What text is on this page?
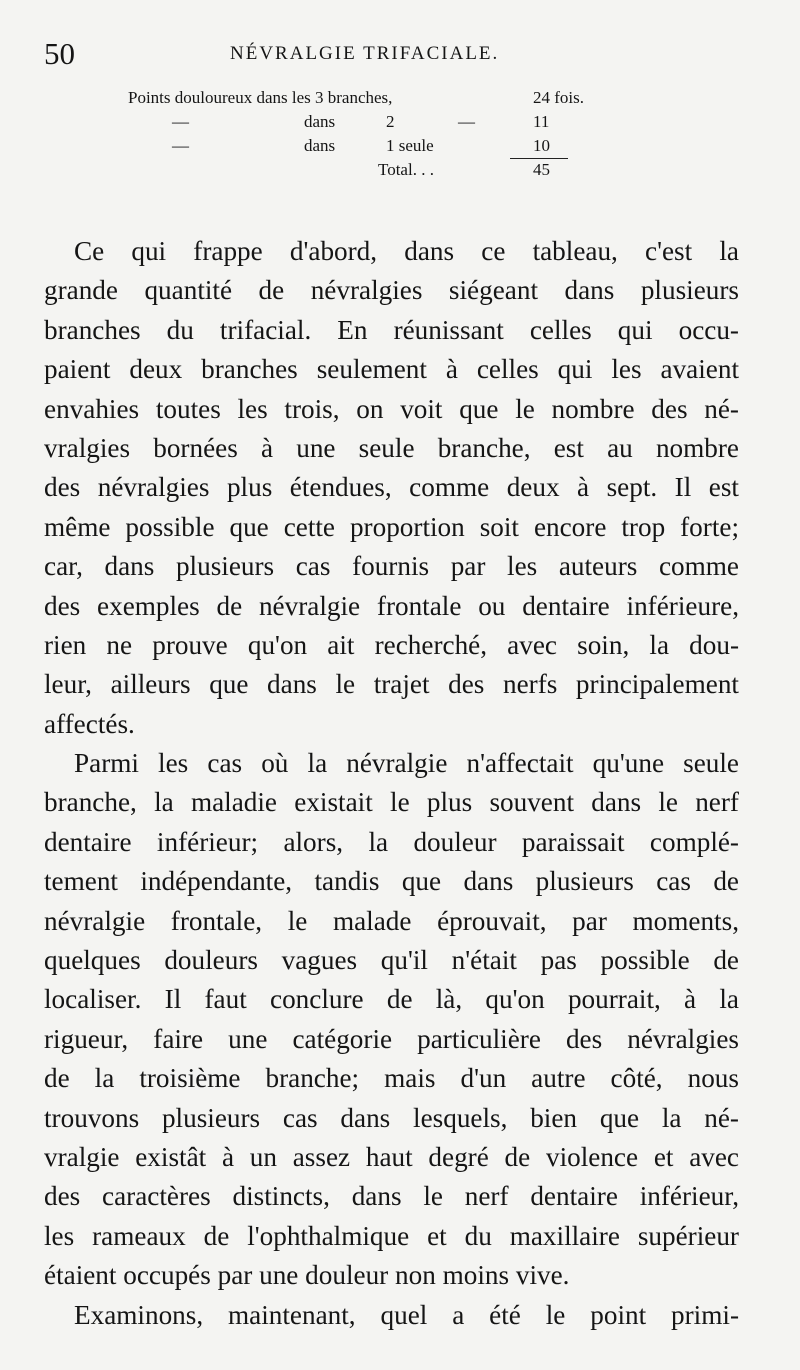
50	NÉVRALGIE TRIFACIALE.
Points douloureux dans les 3 branches,	24 fois.
—	dans	2	—	11
—	dans	1 seule	10
Total. . .	45
Ce qui frappe d'abord, dans ce tableau, c'est la
grande quantité de névralgies siégeant dans plusieurs
branches du trifacial. En réunissant celles qui occu-
paient deux branches seulement à celles qui les avaient
envahies toutes les trois, on voit que le nombre des né-
vralgies bornées à une seule branche, est au nombre
des névralgies plus étendues, comme deux à sept. Il est
même possible que cette proportion soit encore trop forte;
car, dans plusieurs cas fournis par les auteurs comme
des exemples de névralgie frontale ou dentaire inférieure,
rien ne prouve qu'on ait recherché, avec soin, la dou-
leur, ailleurs que dans le trajet des nerfs principalement
affectés.
Parmi les cas où la névralgie n'affectait qu'une seule
branche, la maladie existait le plus souvent dans le nerf
dentaire inférieur; alors, la douleur paraissait complé-
tement indépendante, tandis que dans plusieurs cas de
névralgie frontale, le malade éprouvait, par moments,
quelques douleurs vagues qu'il n'était pas possible de
localiser. Il faut conclure de là, qu'on pourrait, à la
rigueur, faire une catégorie particulière des névralgies
de la troisième branche; mais d'un autre côté, nous
trouvons plusieurs cas dans lesquels, bien que la né-
vralgie existât à un assez haut degré de violence et avec
des caractères distincts, dans le nerf dentaire inférieur,
les rameaux de l'ophthalmique et du maxillaire supérieur
étaient occupés par une douleur non moins vive.
Examinons, maintenant, quel a été le point primi-
